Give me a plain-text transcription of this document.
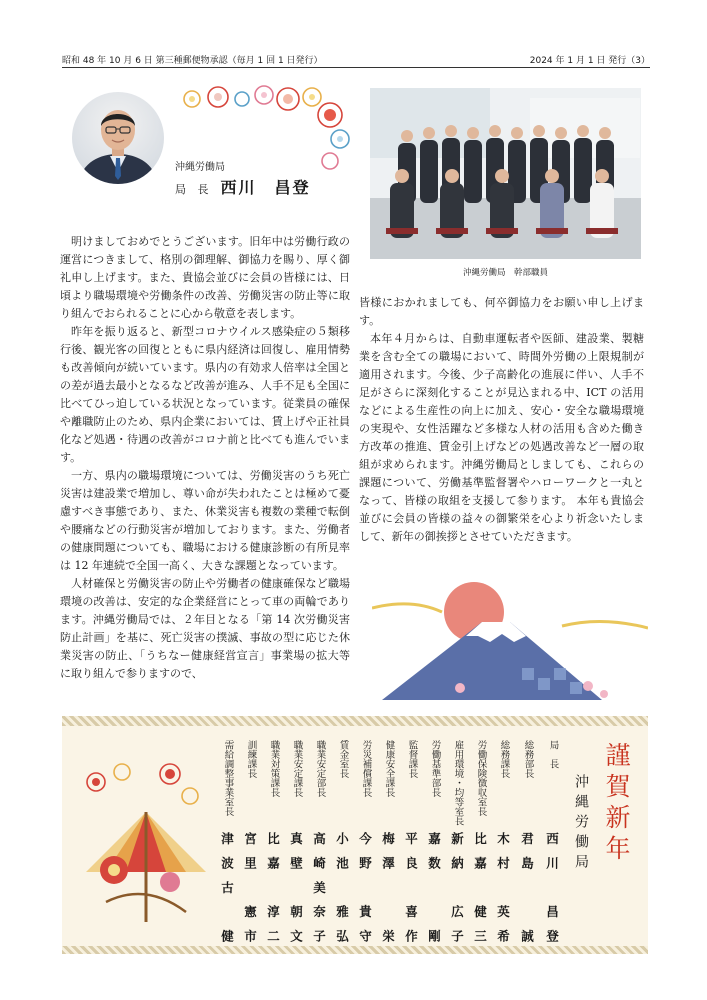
昭和 48 年 10 月 6 日 第三種郵便物承認（毎月 1 回 1 日発行）	2024 年 1 月 1 日 発行（3）
沖縄労働局
局 長 西川　昌登
沖縄労働局　幹部職員

明けましておめでとうございます。旧年中は労働行政の運営につきまして、格別の御理解、御協力を賜り、厚く御礼申し上げます。また、貴協会並びに会員の皆様には、日頃より職場環境や労働条件の改善、労働災害の防止等に取り組んでおられることに心から敬意を表します。

昨年を振り返ると、新型コロナウイルス感染症の５類移行後、観光客の回復とともに県内経済は回復し、雇用情勢も改善傾向が続いています。県内の有効求人倍率は全国との差が過去最小となるなど改善が進み、人手不足も全国に比べてひっ迫している状況となっています。従業員の確保や離職防止のため、県内企業においては、賃上げや正社員化など処遇・待遇の改善がコロナ前と比べても進んでいます。

一方、県内の職場環境については、労働災害のうち死亡災害は建設業で増加し、尊い命が失われたことは極めて憂慮すべき事態であり、また、休業災害も複数の業種で転倒や腰痛などの行動災害が増加しております。また、労働者の健康問題についても、職場における健康診断の有所見率は 12 年連続で全国一高く、大きな課題となっています。

人材確保と労働災害の防止や労働者の健康確保など職場環境の改善は、安定的な企業経営にとって車の両輪であります。沖縄労働局では、２年目となる「第 14 次労働災害防止計画」を基に、死亡災害の撲滅、事故の型に応じた休業災害の防止、「うちなー健康経営宣言」事業場の拡大等に取り組んで参りますので、

皆様におかれましても、何卒御協力をお願い申し上げます。

本年４月からは、自動車運転者や医師、建設業、製糖業を含む全ての職場において、時間外労働の上限規制が適用されます。今後、少子高齢化の進展に伴い、人手不足がさらに深刻化することが見込まれる中、ICT の活用などによる生産性の向上に加え、安心・安全な職場環境の実現や、女性活躍など多様な人材の活用も含めた働き方改革の推進、賃金引上げなどの処遇改善など一層の取組が求められます。沖縄労働局としましても、これらの課題について、労働基準監督署やハローワークと一丸となって、皆様の取組を支援して参ります。 本年も貴協会並びに会員の皆様の益々の御繁栄を心より祈念いたしまして、新年の御挨拶とさせていただきます。

謹賀新年
沖縄労働局
局　長
西川　昌登
総務部長
君島　　誠
総務課長
木村　英希
労働保険徴収室長
比嘉　健三
雇用環境・均等室長
新納　広子
労働基準部長
嘉数　　剛
監督課長
平良　喜作
健康安全課長
梅澤　　栄
労災補償課長
今野　貴守
賃金室長
小池　雅弘
職業安定部長
高崎美奈子
職業安定課長
真壁　朝文
職業対策課長
比嘉　淳二
訓練課長
宮里　憲市
需給調整事業室長
津波古　健
